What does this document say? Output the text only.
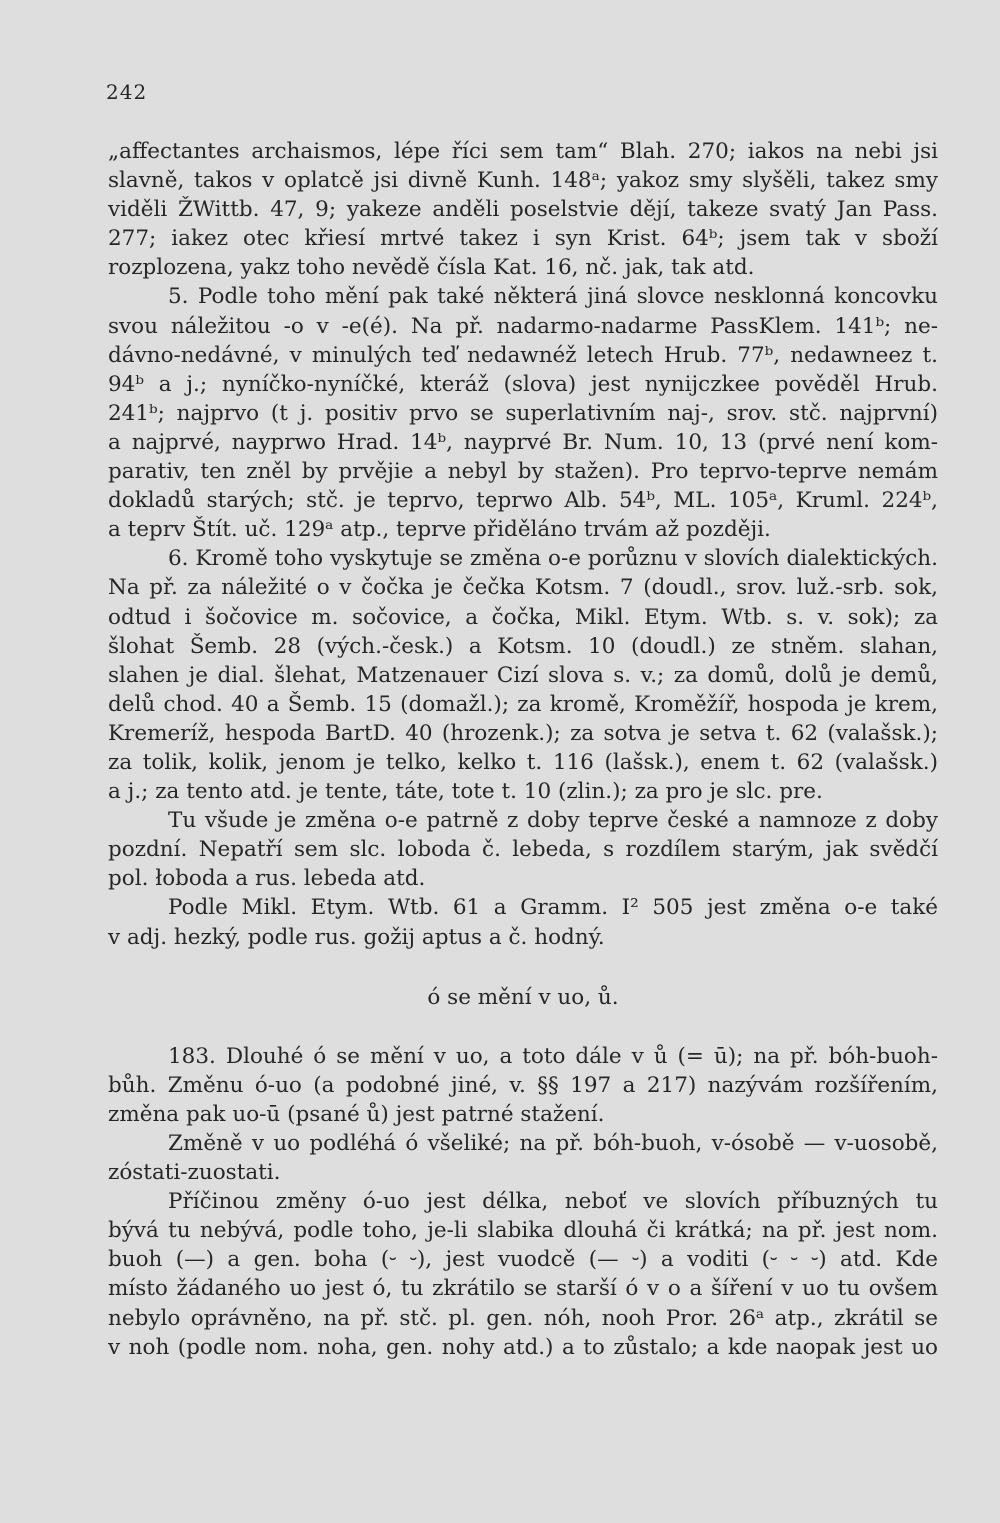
242
„affectantes archaismos, lépe říci sem tam“ Blah. 270; iakos na nebi jsi
slavně, takos v oplatcě jsi divně Kunh. 148ᵃ; yakoz smy slyšěli, takez smy
viděli ŽWittb. 47, 9; yakeze anděli poselstvie dějí, takeze svatý Jan Pass.
277; iakez otec křiesí mrtvé takez i syn Krist. 64ᵇ; jsem tak v sboží
rozplozena, yakz toho nevědě čísla Kat. 16, nč. jak, tak atd.
5. Podle toho mění pak také některá jiná slovce nesklonná koncovku
svou náležitou -o v -e(é). Na př. nadarmo-nadarme PassKlem. 141ᵇ; ne-
dávno-nedávné, v minulých teď nedawnéž letech Hrub. 77ᵇ, nedawneez t.
94ᵇ a j.; nyníčko-nyníčké, kteráž (slova) jest nynijczkee pověděl Hrub.
241ᵇ; najprvo (t j. positiv prvo se superlativním naj-, srov. stč. najprvní)
a najprvé, nayprwo Hrad. 14ᵇ, nayprvé Br. Num. 10, 13 (prvé není kom-
parativ, ten zněl by prvějie a nebyl by stažen). Pro teprvo-teprve nemám
dokladů starých; stč. je teprvo, teprwo Alb. 54ᵇ, ML. 105ᵃ, Kruml. 224ᵇ,
a teprv Štít. uč. 129ᵃ atp., teprve přiděláno trvám až později.
6. Kromě toho vyskytuje se změna o-e porůznu v slovích dialektických.
Na př. za náležité o v čočka je čečka Kotsm. 7 (doudl., srov. luž.-srb. sok,
odtud i šočovice m. sočovice, a čočka, Mikl. Etym. Wtb. s. v. sok); za
šlohat Šemb. 28 (vých.-česk.) a Kotsm. 10 (doudl.) ze stněm. slahan,
slahen je dial. šlehat, Matzenauer Cizí slova s. v.; za domů, dolů je demů,
delů chod. 40 a Šemb. 15 (domažl.); za kromě, Kroměžíř, hospoda je krem,
Kremeríž, hespoda BartD. 40 (hrozenk.); za sotva je setva t. 62 (valašsk.);
za tolik, kolik, jenom je telko, kelko t. 116 (lašsk.), enem t. 62 (valašsk.)
a j.; za tento atd. je tente, táte, tote t. 10 (zlin.); za pro je slc. pre.
Tu všude je změna o-e patrně z doby teprve české a namnoze z doby
pozdní. Nepatří sem slc. loboda č. lebeda, s rozdílem starým, jak svědčí
pol. łoboda a rus. lebeda atd.
Podle Mikl. Etym. Wtb. 61 a Gramm. I² 505 jest změna o-e také
v adj. hezký, podle rus. gožij aptus a č. hodný.
ó se mění v uo, ů.
183. Dlouhé ó se mění v uo, a toto dále v ů (= ū); na př. bóh-buoh-
bůh. Změnu ó-uo (a podobné jiné, v. §§ 197 a 217) nazývám rozšířením,
změna pak uo-ū (psané ů) jest patrné stažení.
Změně v uo podléhá ó všeliké; na př. bóh-buoh, v-ósobě — v-uosobě,
zóstati-zuostati.
Příčinou změny ó-uo jest délka, neboť ve slovích příbuzných tu
bývá tu nebývá, podle toho, je-li slabika dlouhá či krátká; na př. jest nom.
buoh (—) a gen. boha (⏑ ⏑), jest vuodcě (— ⏑) a voditi (⏑ ⏑ ⏑) atd. Kde
místo žádaného uo jest ó, tu zkrátilo se starší ó v o a šíření v uo tu ovšem
nebylo oprávněno, na př. stč. pl. gen. nóh, nooh Pror. 26ᵃ atp., zkrátil se
v noh (podle nom. noha, gen. nohy atd.) a to zůstalo; a kde naopak jest uo
